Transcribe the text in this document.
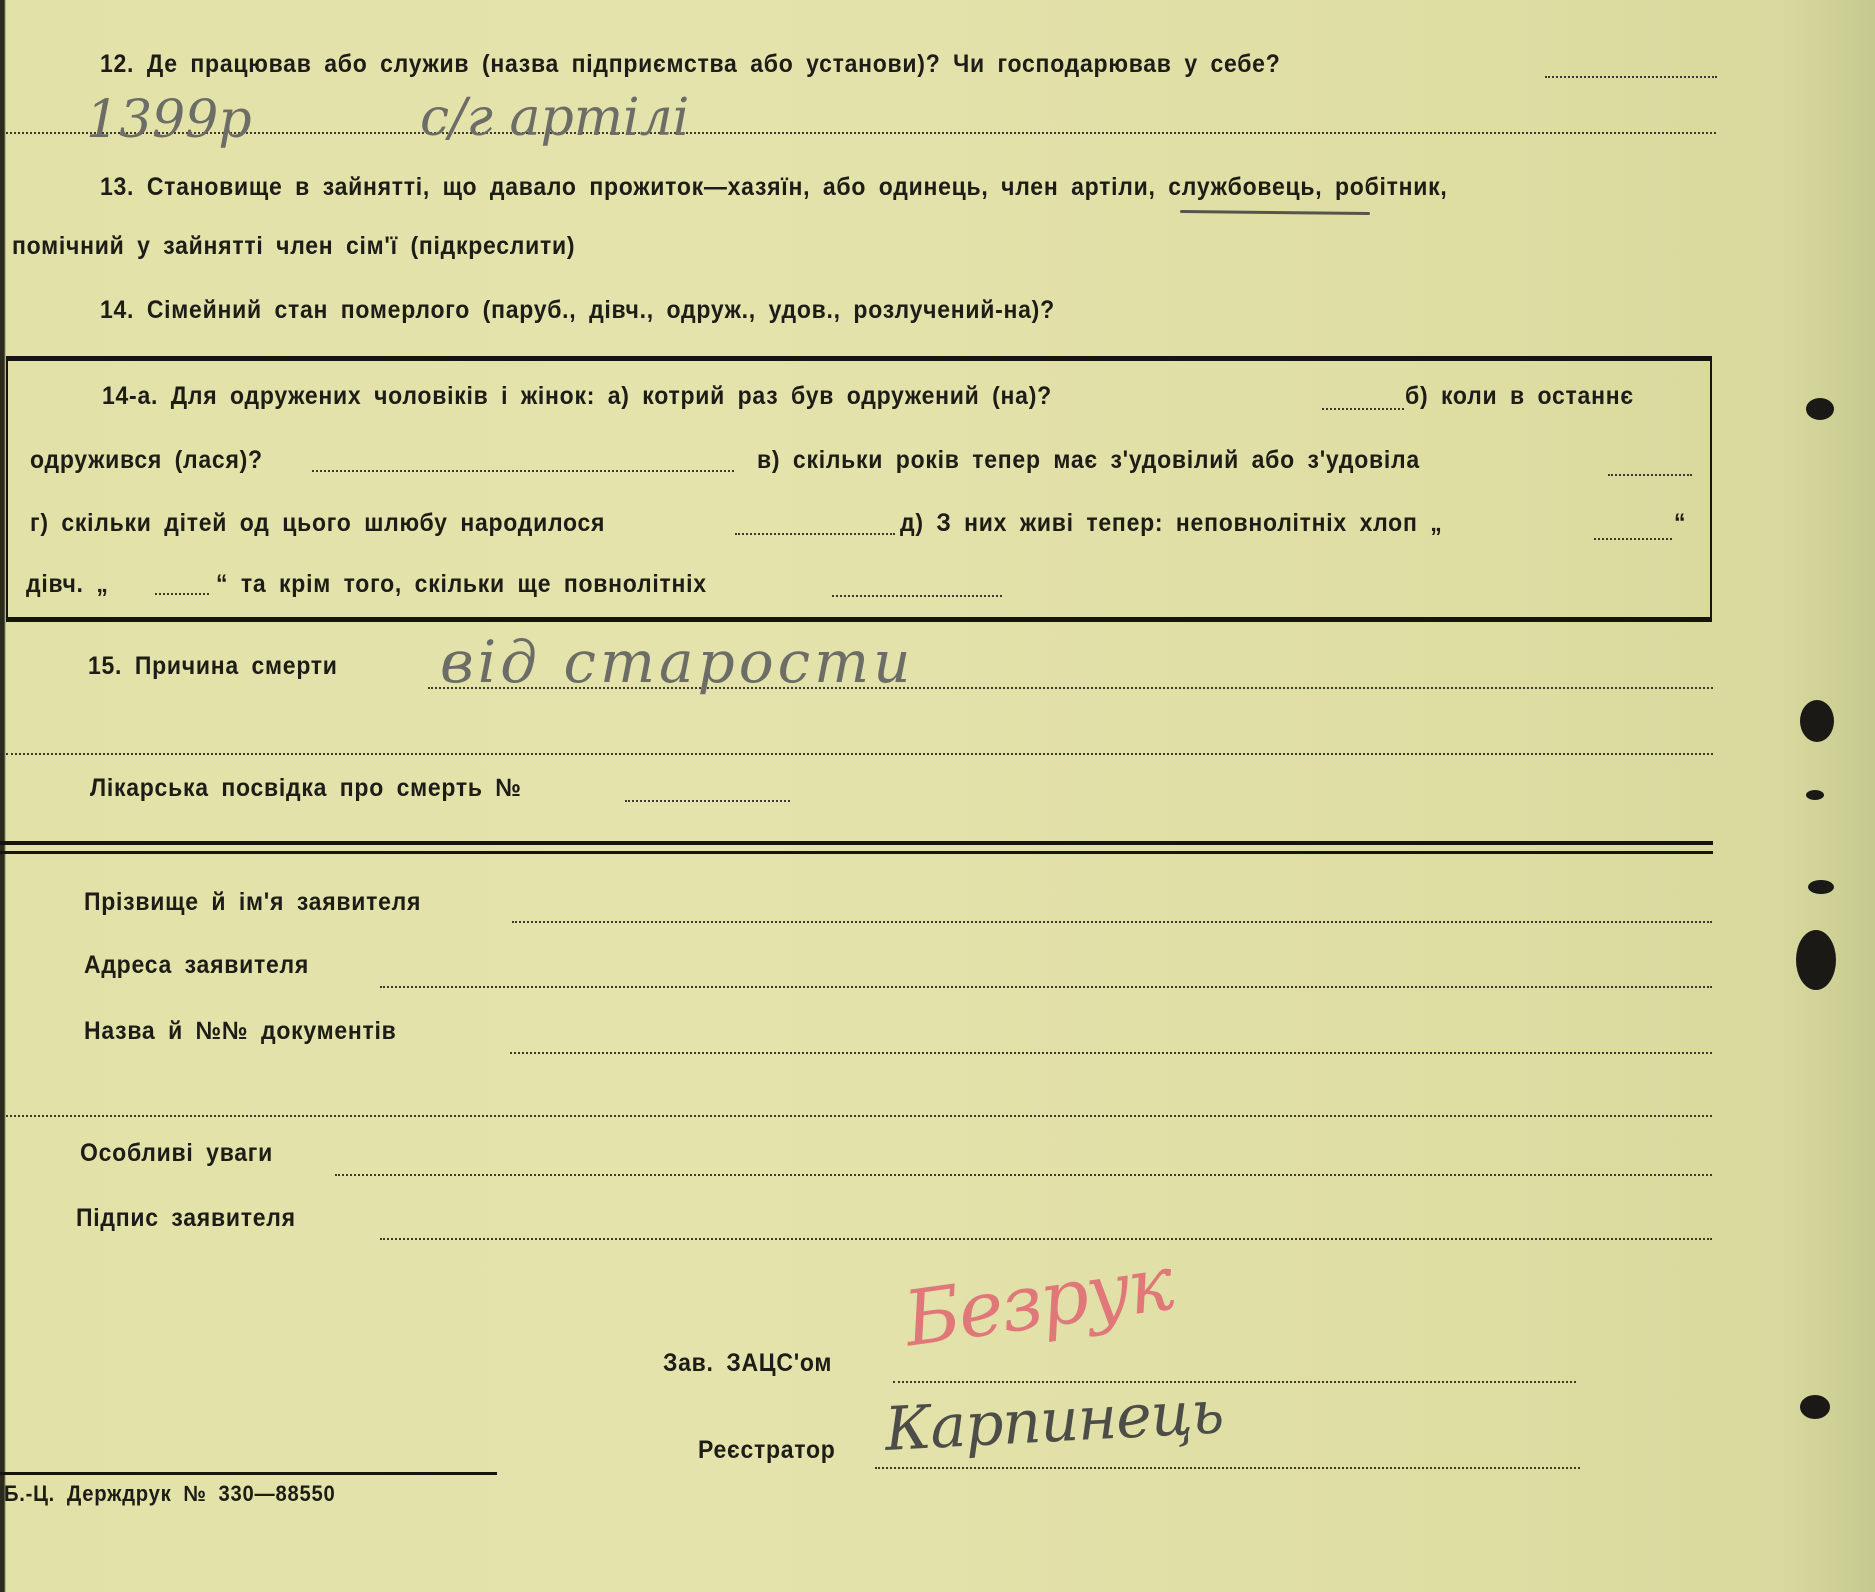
12. Де працював або служив (назва підприємства або установи)? Чи господарював у себе?
1399р	с/г артілі
13. Становище в зайнятті, що давало прожиток—хазяїн, або одинець, член артіли, службовець, робітник,
помічний у зайнятті член сім'ї (підкреслити)
14. Сімейний стан померлого (паруб., дівч., одруж., удов., розлучений-на)?
14-а. Для одружених чоловіків і жінок: а) котрий раз був одружений (на)?	б) коли в останнє
одружився (лася)?	в) скільки років тепер має з'удовілий або з'удовіла
г) скільки дітей од цього шлюбу народилося	д) З них живі тепер: неповнолітніх хлоп „	“
дівч. „	“ та крім того, скільки ще повнолітніх
15. Причина смерти від старости
Лікарська посвідка про смерть №
Прізвище й ім'я заявителя
Адреса заявителя
Назва й №№ документів
Особливі уваги
Підпис заявителя
Зав. ЗАЦС'ом
Реєстратор
Безрук
Карпинець
Б.-Ц. Держдрук № 330—88550
